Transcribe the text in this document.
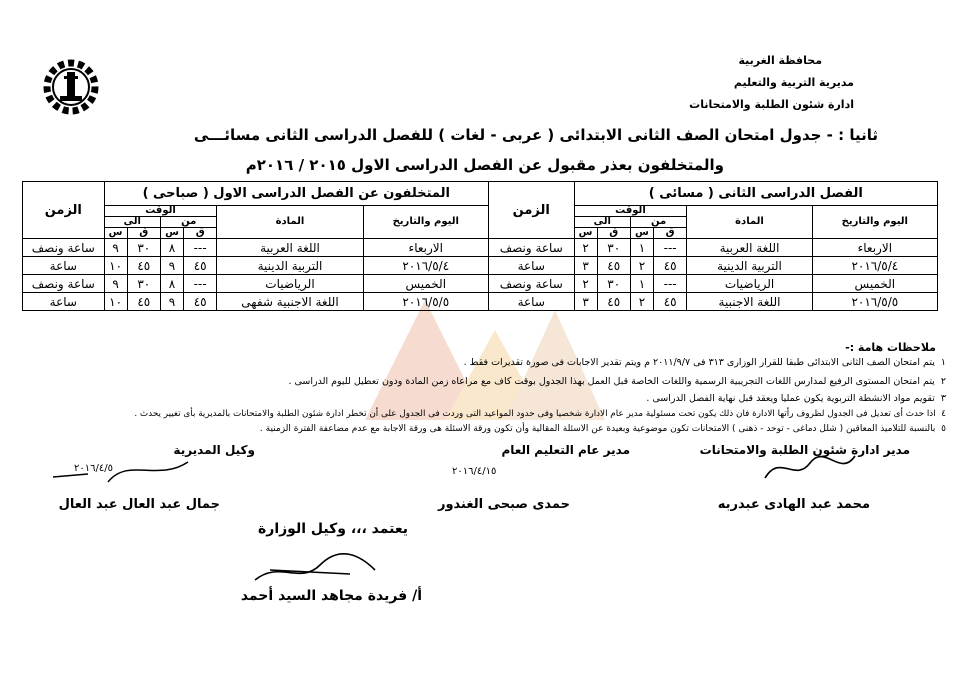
محافظة الغربية
مديرية التربية والتعليم
ادارة شئون الطلبة والامتحانات
ثانيا : - جدول امتحان الصف الثانى الابتدائى ( عربى - لغات ) للفصل الدراسى الثانى مسائـــى
والمتخلفون بعذر مقبول عن الفصل الدراسى الاول ٢٠١٥ / ٢٠١٦م
الفصل الدراسى الثانى ( مسائى )						الزمن	المتخلفون عن الفصل الدراسى الاول ( صباحى )						الزمن
اليوم والتاريخ	المادة	الوقت					اليوم والتاريخ	المادة	الوقت				
		من		الى					من		الى		
		ق	س	ق	س				ق	س	ق	س	
الاربعاء	اللغة العربية	---	١	٣٠	٢	ساعة ونصف	الاربعاء	اللغة العربية	---	٨	٣٠	٩	ساعة ونصف
٢٠١٦/٥/٤	التربية الدينية	٤٥	٢	٤٥	٣	ساعة	٢٠١٦/٥/٤	التربية الدينية	٤٥	٩	٤٥	١٠	ساعة
الخميس	الرياضيات	---	١	٣٠	٢	ساعة ونصف	الخميس	الرياضيات	---	٨	٣٠	٩	ساعة ونصف
٢٠١٦/٥/٥	اللغة الاجنبية	٤٥	٢	٤٥	٣	ساعة	٢٠١٦/٥/٥	اللغة الاجنبية شفهى	٤٥	٩	٤٥	١٠	ساعة
ملاحظات هامة :-
١  يتم امتحان الصف الثانى الابتدائى طبقا للقرار الوزارى ٣١٣ فى ٢٠١١/٩/٧ م ويتم تقدير الاجابات فى صورة تقديرات فقط .
٢  يتم امتحان المستوى الرفيع لمدارس اللغات التجريبية الرسمية واللغات الخاصة قبل العمل بهذا الجدول بوقت كاف مع مراعاه زمن المادة ودون تعطيل لليوم الدراسى .
٣  تقويم مواد الانشطة التربوية يكون عمليا ويعقد قبل نهاية الفصل الدراسى .
٤  اذا حدث أى تعديل فى الجدول لظروف رأتها الادارة فان ذلك يكون تحت مسئولية مدير عام الادارة شخصيا وفى حدود المواعيد التى وردت فى الجدول على أن تخطر ادارة شئون الطلبة والامتحانات بالمديرية بأى تغيير يحدث .
٥  بالنسبة للتلاميذ المعاقين ( شلل دماغى - توحد - ذهنى ) الامتحانات تكون موضوعية وبعيدة عن الاسئلة المقالية وأن تكون ورقة الاسئلة هى ورقة الاجابة مع عدم مضاعفة الفترة الزمنية .
مدير ادارة شئون الطلبة والامتحانات
مدير عام التعليم العام
وكيل المديرية
٢٠١٦/٤/١٥
٢٠١٦/٤/٥
محمد عبد الهادى عبدربه
حمدى صبحى الغندور
جمال عبد العال عبد العال
يعتمد ،،، وكيل الوزارة
أ/ فريدة مجاهد السيد أحمد
